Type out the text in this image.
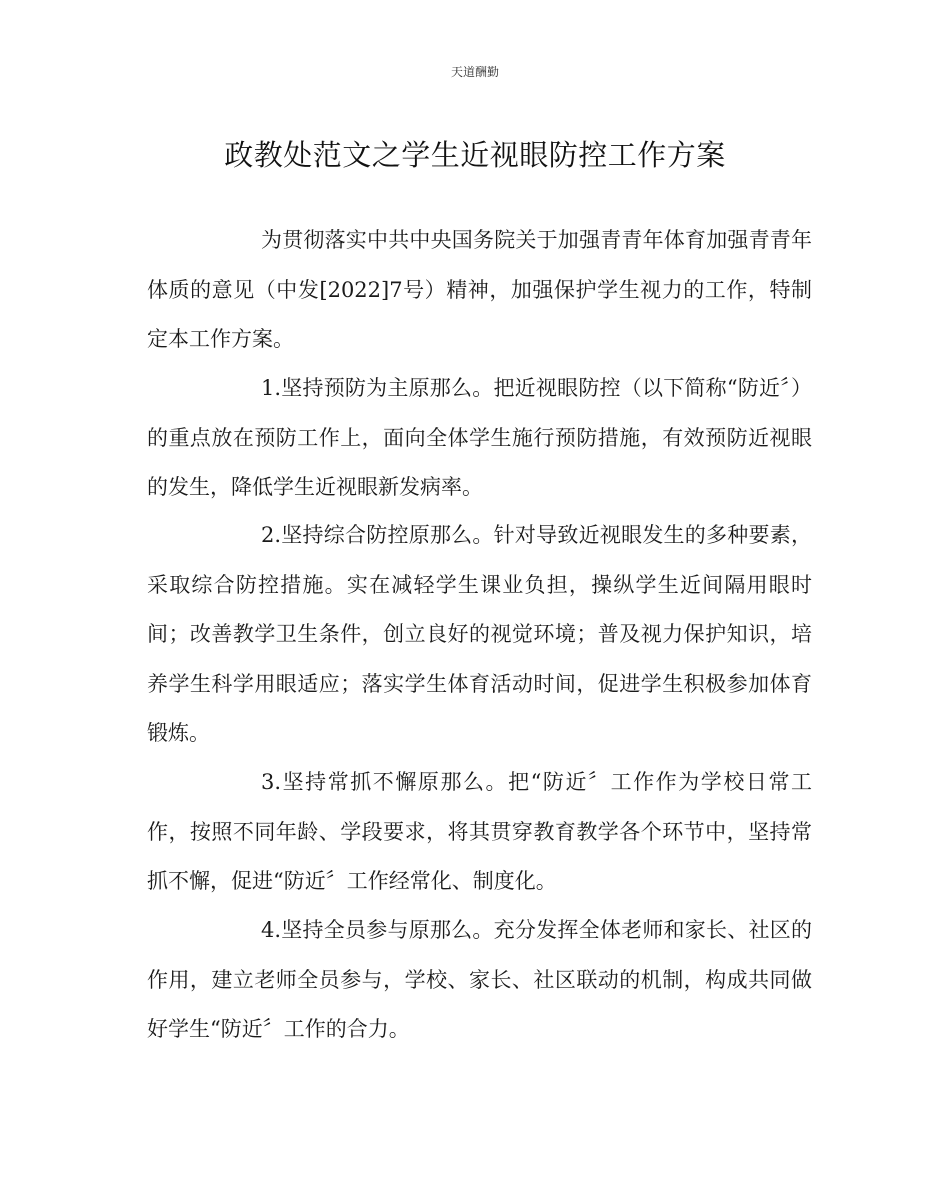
天道酬勤
政教处范文之学生近视眼防控工作方案

为贯彻落实中共中央国务院关于加强青青年体育加强青青年体质的意见（中发[2022]7号）精神，加强保护学生视力的工作，特制定本工作方案。

1.坚持预防为主原那么。把近视眼防控（以下简称“防近〞）的重点放在预防工作上，面向全体学生施行预防措施，有效预防近视眼的发生，降低学生近视眼新发病率。

2.坚持综合防控原那么。针对导致近视眼发生的多种要素，采取综合防控措施。实在减轻学生课业负担，操纵学生近间隔用眼时间；改善教学卫生条件，创立良好的视觉环境；普及视力保护知识，培养学生科学用眼适应；落实学生体育活动时间，促进学生积极参加体育锻炼。

3.坚持常抓不懈原那么。把“防近〞工作作为学校日常工作，按照不同年龄、学段要求，将其贯穿教育教学各个环节中，坚持常抓不懈，促进“防近〞工作经常化、制度化。

4.坚持全员参与原那么。充分发挥全体老师和家长、社区的作用，建立老师全员参与，学校、家长、社区联动的机制，构成共同做好学生“防近〞工作的合力。
